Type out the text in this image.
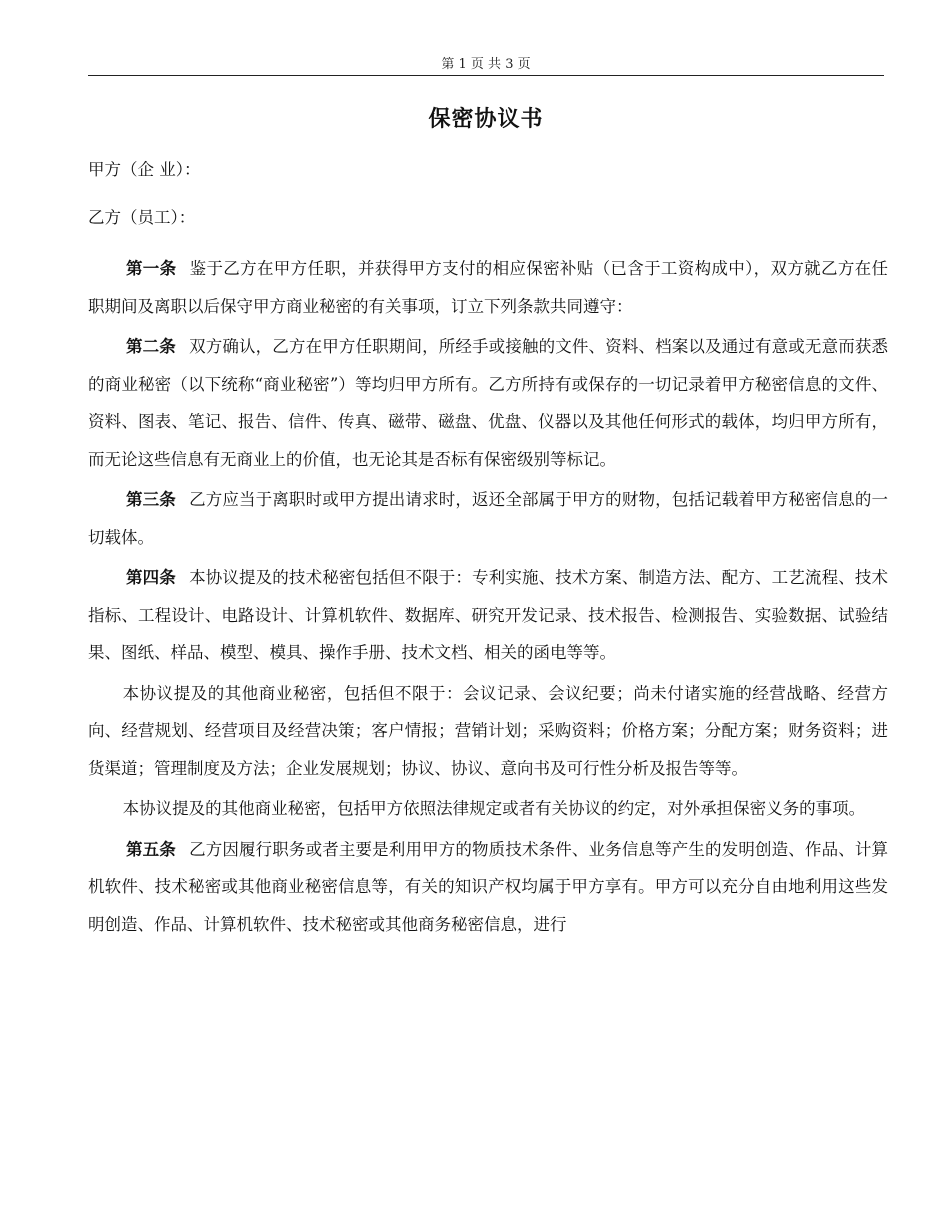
第 1 页 共 3 页
保密协议书

甲方（企 业）：

乙方（员工）：

第一条 鉴于乙方在甲方任职，并获得甲方支付的相应保密补贴（已含于工资构成中），双方就乙方在任职期间及离职以后保守甲方商业秘密的有关事项，订立下列条款共同遵守：

第二条 双方确认，乙方在甲方任职期间，所经手或接触的文件、资料、档案以及通过有意或无意而获悉的商业秘密（以下统称“商业秘密”）等均归甲方所有。乙方所持有或保存的一切记录着甲方秘密信息的文件、资料、图表、笔记、报告、信件、传真、磁带、磁盘、优盘、仪器以及其他任何形式的载体，均归甲方所有，而无论这些信息有无商业上的价值，也无论其是否标有保密级别等标记。

第三条 乙方应当于离职时或甲方提出请求时，返还全部属于甲方的财物，包括记载着甲方秘密信息的一切载体。

第四条 本协议提及的技术秘密包括但不限于：专利实施、技术方案、制造方法、配方、工艺流程、技术指标、工程设计、电路设计、计算机软件、数据库、研究开发记录、技术报告、检测报告、实验数据、试验结果、图纸、样品、模型、模具、操作手册、技术文档、相关的函电等等。

本协议提及的其他商业秘密，包括但不限于：会议记录、会议纪要；尚未付诸实施的经营战略、经营方向、经营规划、经营项目及经营决策；客户情报；营销计划；采购资料；价格方案；分配方案；财务资料；进货渠道；管理制度及方法；企业发展规划；协议、协议、意向书及可行性分析及报告等等。

本协议提及的其他商业秘密，包括甲方依照法律规定或者有关协议的约定，对外承担保密义务的事项。

第五条 乙方因履行职务或者主要是利用甲方的物质技术条件、业务信息等产生的发明创造、作品、计算机软件、技术秘密或其他商业秘密信息等，有关的知识产权均属于甲方享有。甲方可以充分自由地利用这些发明创造、作品、计算机软件、技术秘密或其他商务秘密信息，进行
